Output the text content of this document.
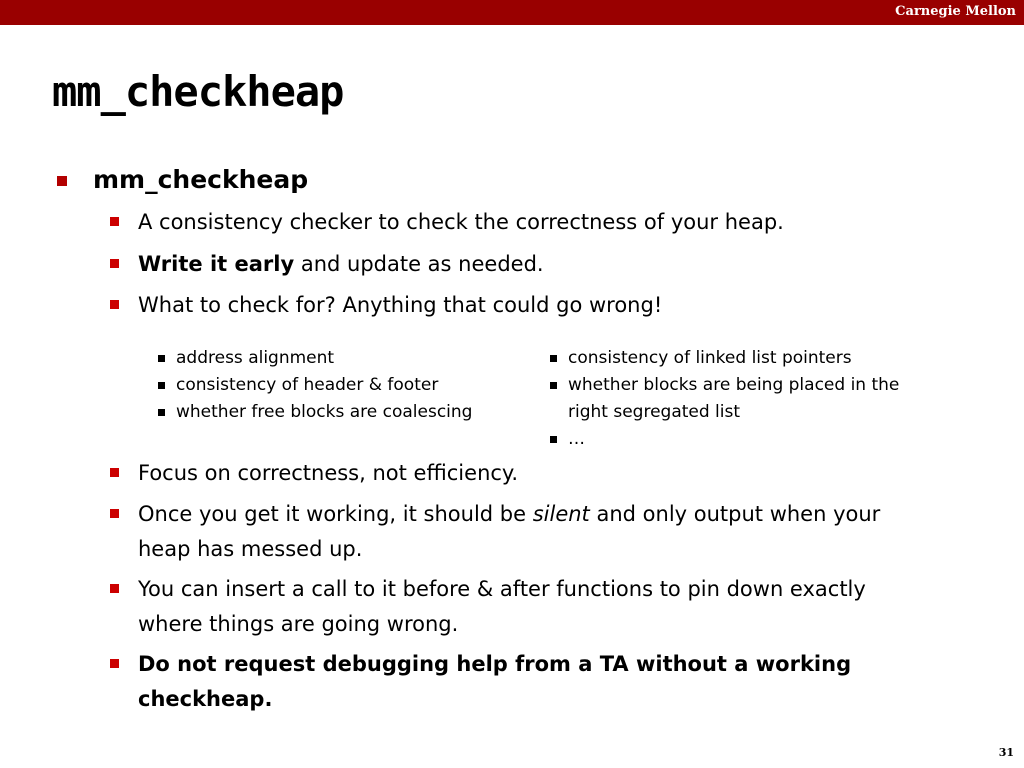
Carnegie Mellon
mm_checkheap
mm_checkheap
A consistency checker to check the correctness of your heap.
Write it early and update as needed.
What to check for? Anything that could go wrong!
address alignment
consistency of header & footer
whether free blocks are coalescing
consistency of linked list pointers
whether blocks are being placed in the right segregated list
…
Focus on correctness, not efficiency.
Once you get it working, it should be silent and only output when your heap has messed up.
You can insert a call to it before & after functions to pin down exactly where things are going wrong.
Do not request debugging help from a TA without a working checkheap.
31
